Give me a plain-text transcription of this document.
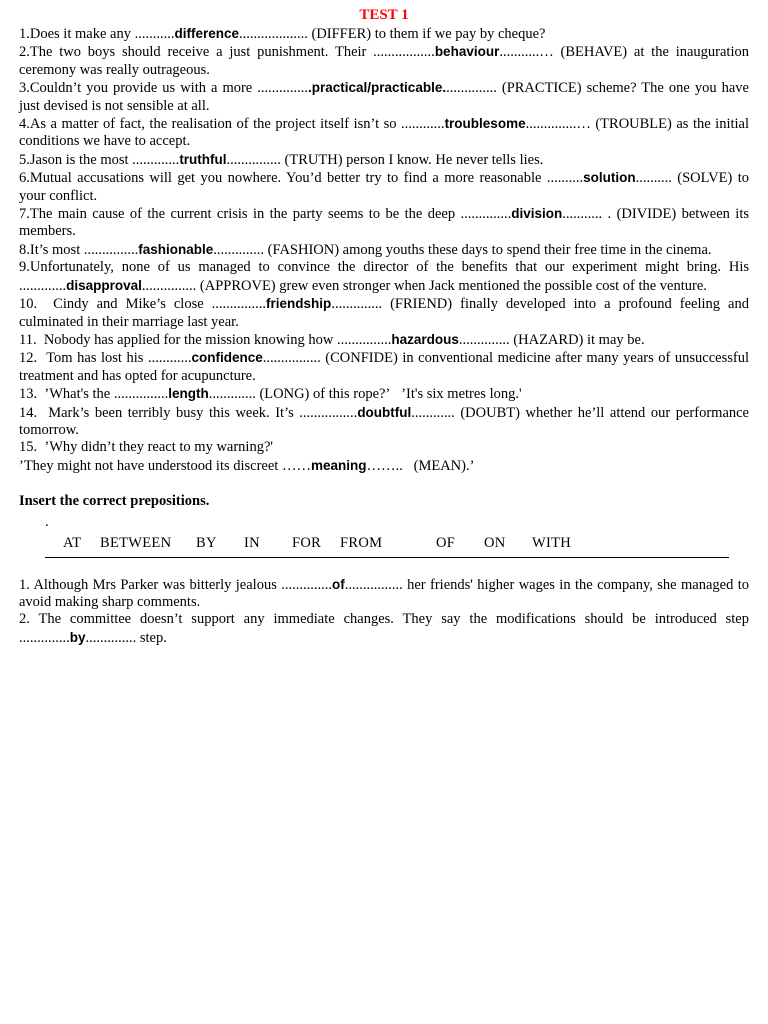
TEST 1

1.Does it make any ...........difference................... (DIFFER) to them if we pay by cheque?

2.The two boys should receive a just punishment. Their .................behaviour...........… (BEHAVE) at the inauguration ceremony was really outrageous.

3.Couldn’t you provide us with a more ...............practical/practicable............... (PRACTICE) scheme? The one you have just devised is not sensible at all.

4.As a matter of fact, the realisation of the project itself isn’t so ............troublesome..............… (TROUBLE) as the initial conditions we have to accept.

5.Jason is the most .............truthful............... (TRUTH) person I know. He never tells lies.

6.Mutual accusations will get you nowhere. You’d better try to find a more reasonable ..........solution.......... (SOLVE) to your conflict.

7.The main cause of the current crisis in the party seems to be the deep ..............division........... . (DIVIDE) between its members.

8.It’s most ...............fashionable.............. (FASHION) among youths these days to spend their free time in the cinema.

9.Unfortunately, none of us managed to convince the director of the benefits that our experiment might bring. His .............disapproval............... (APPROVE) grew even stronger when Jack mentioned the possible cost of the venture.

10.  Cindy and Mike’s close ...............friendship.............. (FRIEND) finally developed into a profound feeling and culminated in their marriage last year.

11.  Nobody has applied for the mission knowing how ...............hazardous.............. (HAZARD) it may be.

12.  Tom has lost his ............confidence................ (CONFIDE) in conventional medicine after many years of unsuccessful treatment and has opted for acupuncture.

13.  ’What's the ...............length............. (LONG) of this rope?’   ’It's six metres long.'

14.  Mark’s been terribly busy this week. It’s ................doubtful............ (DOUBT) whether he’ll attend our performance tomorrow.

15.  ’Why didn’t they react to my warning?'

’They might not have understood its discreet ……meaning……..   (MEAN).’

Insert the correct prepositions.

.
AT BETWEEN BY IN FOR FROM	OF ON WITH

1. Although Mrs Parker was bitterly jealous ..............of................ her friends' higher wages in the company, she managed to avoid making sharp comments.

2. The committee doesn’t support any immediate changes. They say the modifications should be introduced step ..............by.............. step.
